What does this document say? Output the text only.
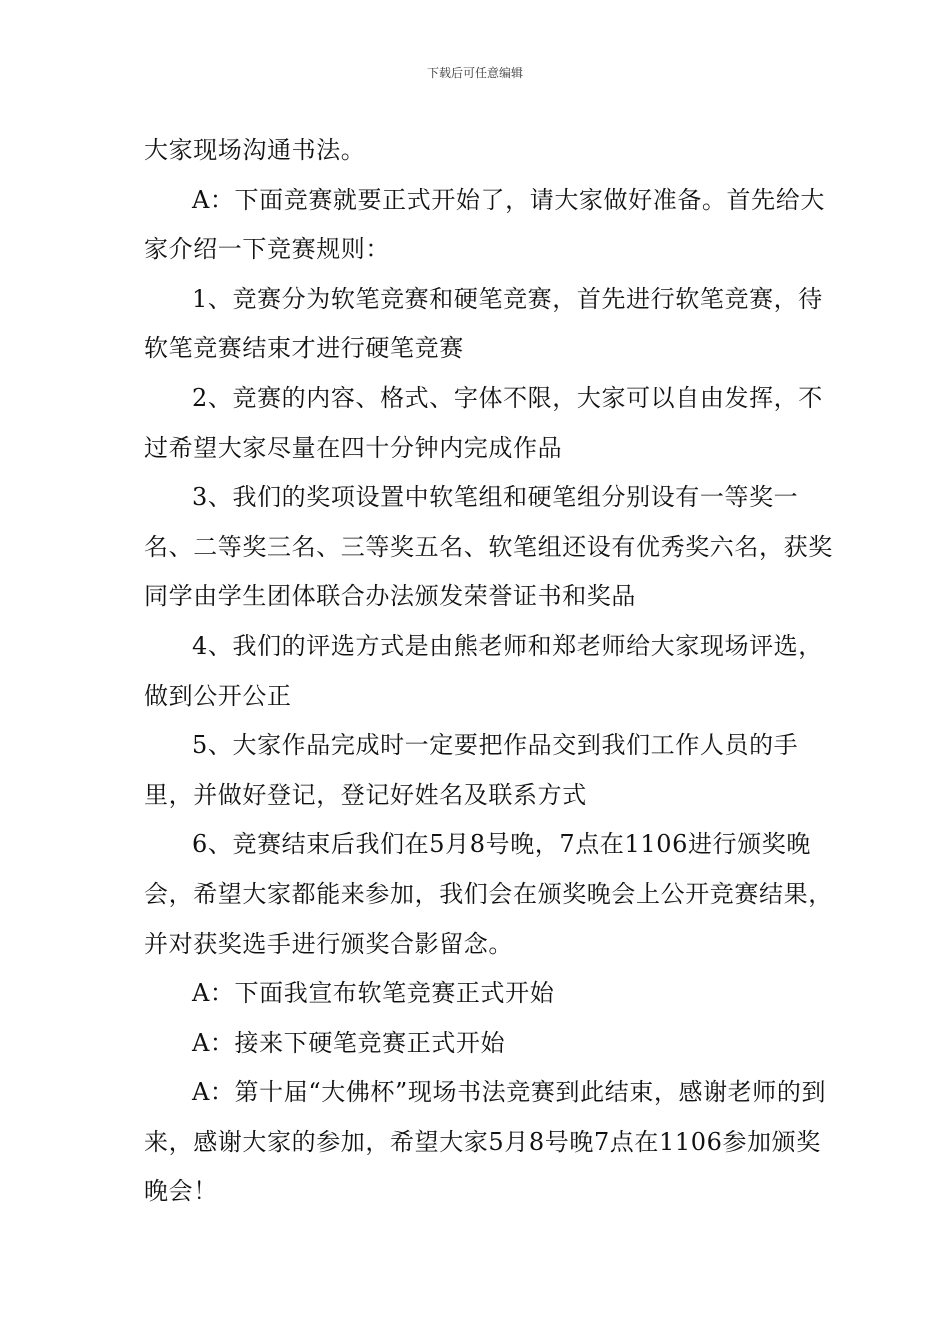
下载后可任意编辑

大家现场沟通书法。

A：下面竞赛就要正式开始了，请大家做好准备。首先给大家介绍一下竞赛规则：

1、竞赛分为软笔竞赛和硬笔竞赛，首先进行软笔竞赛，待软笔竞赛结束才进行硬笔竞赛

2、竞赛的内容、格式、字体不限，大家可以自由发挥，不过希望大家尽量在四十分钟内完成作品

3、我们的奖项设置中软笔组和硬笔组分别设有一等奖一名、二等奖三名、三等奖五名、软笔组还设有优秀奖六名，获奖同学由学生团体联合办法颁发荣誉证书和奖品

4、我们的评选方式是由熊老师和郑老师给大家现场评选，做到公开公正

5、大家作品完成时一定要把作品交到我们工作人员的手里，并做好登记，登记好姓名及联系方式

6、竞赛结束后我们在5月8号晚，7点在1106进行颁奖晚会，希望大家都能来参加，我们会在颁奖晚会上公开竞赛结果，并对获奖选手进行颁奖合影留念。

A：下面我宣布软笔竞赛正式开始

A：接来下硬笔竞赛正式开始

A：第十届“大佛杯”现场书法竞赛到此结束，感谢老师的到来，感谢大家的参加，希望大家5月8号晚7点在1106参加颁奖晚会！
